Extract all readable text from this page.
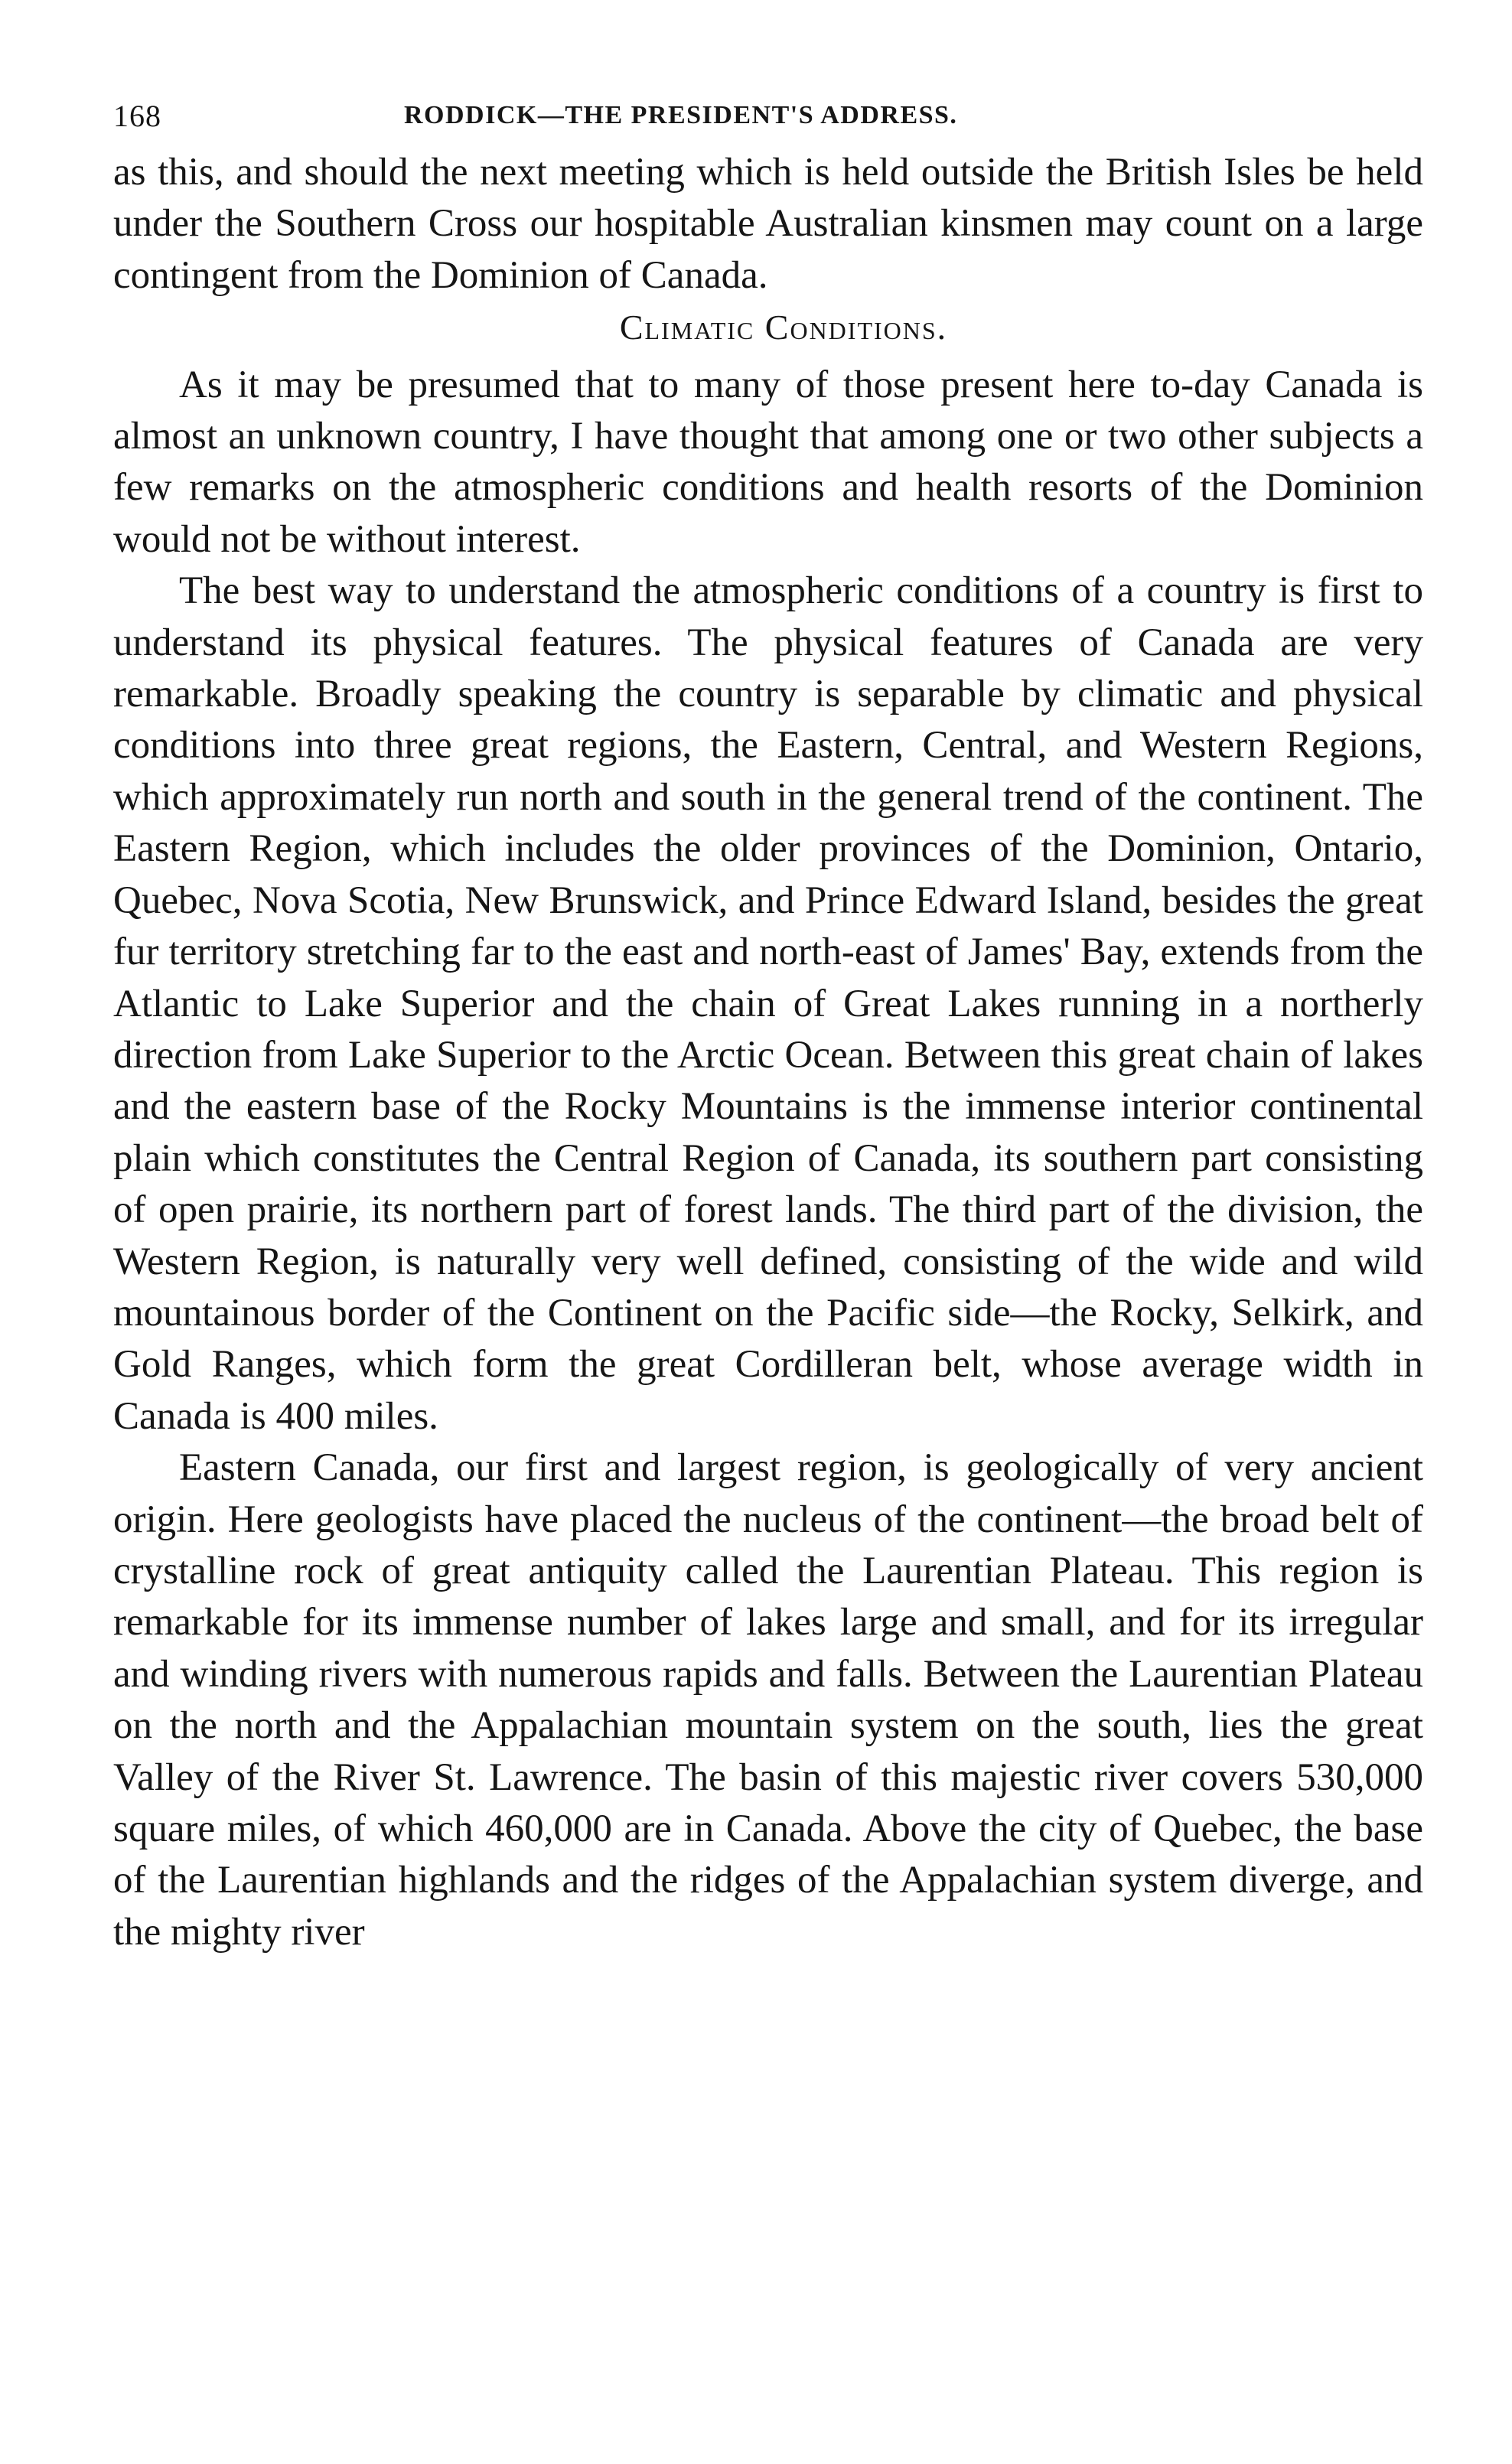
168	RODDICK—THE PRESIDENT'S ADDRESS.

as this, and should the next meeting which is held outside the British Isles be held under the Southern Cross our hospitable Australian kinsmen may count on a large contingent from the Dominion of Canada.

Climatic Conditions.

As it may be presumed that to many of those present here to-day Canada is almost an unknown country, I have thought that among one or two other subjects a few remarks on the atmospheric conditions and health resorts of the Dominion would not be without interest.

The best way to understand the atmospheric conditions of a country is first to understand its physical features. The physical features of Canada are very remarkable. Broadly speaking the country is separable by climatic and physical conditions into three great regions, the Eastern, Central, and Western Regions, which approximately run north and south in the general trend of the continent. The Eastern Region, which includes the older provinces of the Dominion, Ontario, Quebec, Nova Scotia, New Brunswick, and Prince Edward Island, besides the great fur territory stretching far to the east and north-east of James' Bay, extends from the Atlantic to Lake Superior and the chain of Great Lakes running in a northerly direction from Lake Superior to the Arctic Ocean. Between this great chain of lakes and the eastern base of the Rocky Mountains is the immense interior continental plain which constitutes the Central Region of Canada, its southern part consisting of open prairie, its northern part of forest lands. The third part of the division, the Western Region, is naturally very well defined, consisting of the wide and wild mountainous border of the Continent on the Pacific side—the Rocky, Selkirk, and Gold Ranges, which form the great Cordilleran belt, whose average width in Canada is 400 miles.

Eastern Canada, our first and largest region, is geologically of very ancient origin. Here geologists have placed the nucleus of the continent—the broad belt of crystalline rock of great antiquity called the Laurentian Plateau. This region is remarkable for its immense number of lakes large and small, and for its irregular and winding rivers with numerous rapids and falls. Between the Laurentian Plateau on the north and the Appalachian mountain system on the south, lies the great Valley of the River St. Lawrence. The basin of this majestic river covers 530,000 square miles, of which 460,000 are in Canada. Above the city of Quebec, the base of the Laurentian highlands and the ridges of the Appalachian system diverge, and the mighty river
